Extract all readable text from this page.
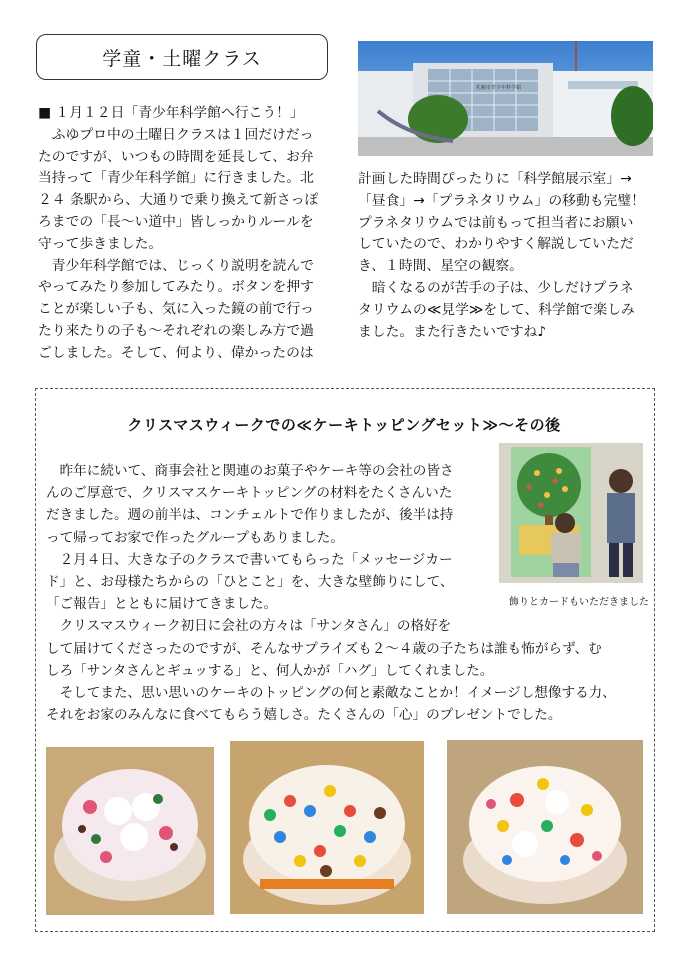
学童・土曜クラス
札幌市青少年科学館
■ １月１２日「青少年科学館へ行こう！」
　ふゆプロ中の土曜日クラスは１回だけだっ
たのですが、いつもの時間を延長して、お弁
当持って「青少年科学館」に行きました。北
２４ 条駅から、大通りで乗り換えて新さっぽ
ろまでの「長～い道中」皆しっかりルールを
守って歩きました。
　青少年科学館では、じっくり説明を読んで
やってみたり参加してみたり。ボタンを押す
ことが楽しい子も、気に入った鏡の前で行っ
たり来たりの子も～それぞれの楽しみ方で過
ごしました。そして、何より、偉かったのは
計画した時間ぴったりに「科学館展示室」→
「昼食」→「プラネタリウム」の移動も完璧！
プラネタリウムでは前もって担当者にお願い
していたので、わかりやすく解説していただ
き、１時間、星空の観察。
　暗くなるのが苦手の子は、少しだけプラネ
タリウムの≪見学≫をして、科学館で楽しみ
ました。また行きたいですね♪
クリスマスウィークでの≪ケーキトッピングセット≫～その後
飾りとカードもいただきました
　昨年に続いて、商事会社と関連のお菓子やケーキ等の会社の皆さ
んのご厚意で、クリスマスケーキトッピングの材料をたくさんいた
だきました。週の前半は、コンチェルトで作りましたが、後半は持
って帰ってお家で作ったグループもありました。
　２月４日、大きな子のクラスで書いてもらった「メッセージカー
ド」と、お母様たちからの「ひとこと」を、大きな壁飾りにして、
「ご報告」とともに届けてきました。
　クリスマスウィーク初日に会社の方々は「サンタさん」の格好を
して届けてくださったのですが、そんなサプライズも２～４歳の子たちは誰も怖がらず、む
しろ「サンタさんとギュッする」と、何人かが「ハグ」してくれました。
　そしてまた、思い思いのケーキのトッピングの何と素敵なことか！イメージし想像する力、
それをお家のみんなに食べてもらう嬉しさ。たくさんの「心」のプレゼントでした。
